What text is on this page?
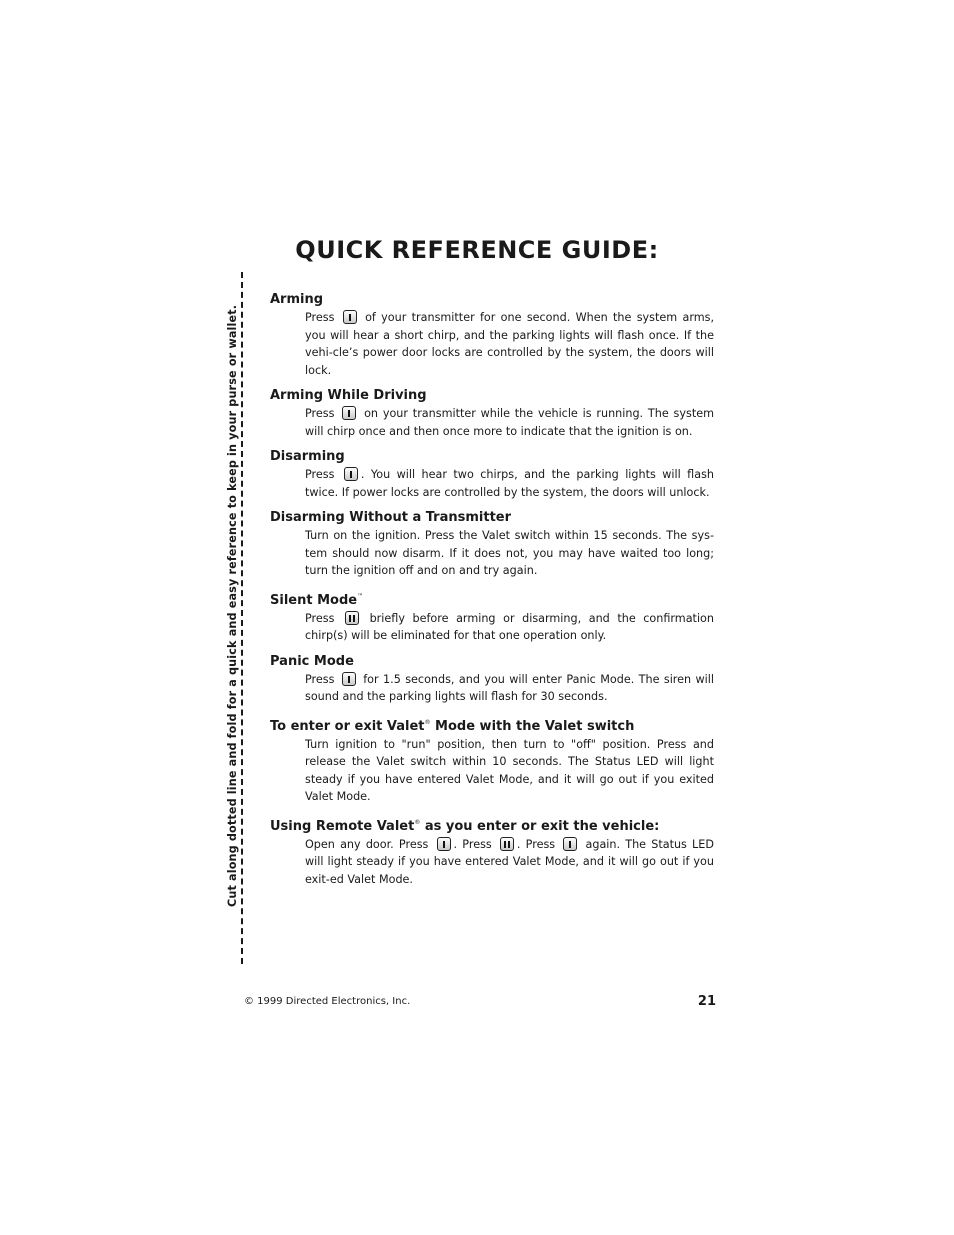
QUICK REFERENCE GUIDE:
Cut along dotted line and fold for a quick and easy reference to keep in your purse or wallet.
Arming

Press
of your transmitter for one second. When the system arms, you will hear a short chirp, and the parking lights will flash once. If the vehi-cle’s power door locks are controlled by the system, the doors will lock.

Arming While Driving

Press
on your transmitter while the vehicle is running. The system will chirp once and then once more to indicate that the ignition is on.

Disarming

Press
. You will hear two chirps, and the parking lights will flash twice. If power locks are controlled by the system, the doors will unlock.

Disarming Without a Transmitter

Turn on the ignition. Press the Valet switch within 15 seconds. The sys-tem should now disarm. If it does not, you may have waited too long; turn the ignition off and on and try again.

Silent Mode™

Press
briefly before arming or disarming, and the confirmation chirp(s) will be eliminated for that one operation only.

Panic Mode

Press
for 1.5 seconds, and you will enter Panic Mode. The siren will sound and the parking lights will flash for 30 seconds.

To enter or exit Valet® Mode with the Valet switch

Turn ignition to "run" position, then turn to "off" position. Press and release the Valet switch within 10 seconds. The Status LED will light steady if you have entered Valet Mode, and it will go out if you exited Valet Mode.

Using Remote Valet® as you enter or exit the vehicle:

Open any door. Press
. Press
. Press
again. The Status LED will light steady if you have entered Valet Mode, and it will go out if you exit-ed Valet Mode.

© 1999 Directed Electronics, Inc.	21
